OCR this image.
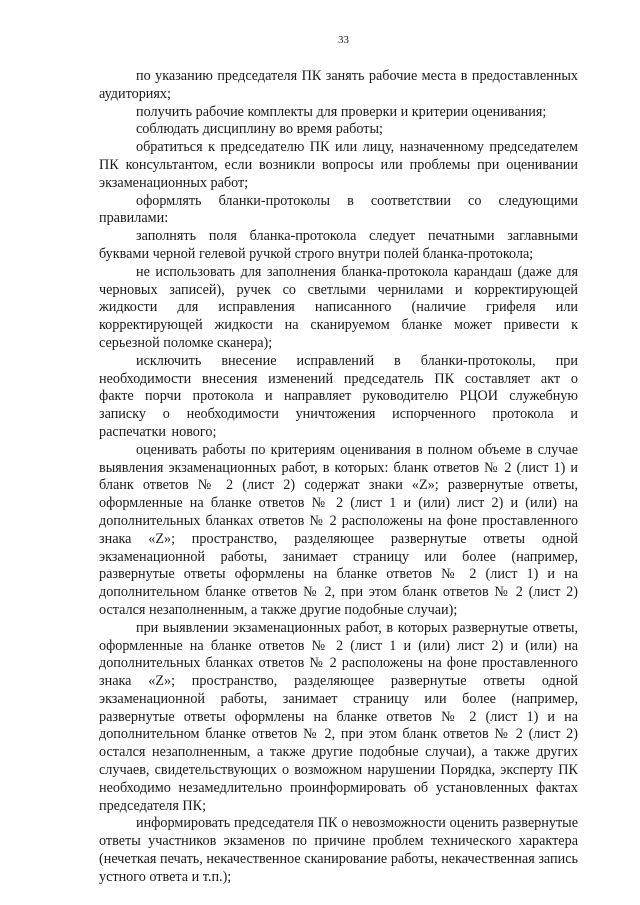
33

по указанию председателя ПК занять рабочие места в предоставленных аудиториях;

получить рабочие комплекты для проверки и критерии оценивания;

соблюдать дисциплину во время работы;

обратиться к председателю ПК или лицу, назначенному председателем ПК консультантом, если возникли вопросы или проблемы при оценивании экзаменационных работ;

оформлять бланки-протоколы в соответствии со следующими правилами:

заполнять поля бланка-протокола следует печатными заглавными буквами черной гелевой ручкой строго внутри полей бланка-протокола;

не использовать для заполнения бланка-протокола карандаш (даже для черновых записей), ручек со светлыми чернилами и корректирующей жидкости для исправления написанного (наличие грифеля или корректирующей жидкости на сканируемом бланке может привести к серьезной поломке сканера);

исключить внесение исправлений в бланки-протоколы, при необходимости внесения изменений председатель ПК составляет акт о факте порчи протокола и направляет руководителю РЦОИ служебную записку о необходимости уничтожения испорченного протокола и распечатки нового;

оценивать работы по критериям оценивания в полном объеме в случае выявления экзаменационных работ, в которых: бланк ответов № 2 (лист 1) и бланк ответов № 2 (лист 2) содержат знаки «Z»; развернутые ответы, оформленные на бланке ответов № 2 (лист 1 и (или) лист 2) и (или) на дополнительных бланках ответов № 2 расположены на фоне проставленного знака «Z»; пространство, разделяющее развернутые ответы одной экзаменационной работы, занимает страницу или более (например, развернутые ответы оформлены на бланке ответов № 2 (лист 1) и на дополнительном бланке ответов № 2, при этом бланк ответов № 2 (лист 2) остался незаполненным, а также другие подобные случаи);

при выявлении экзаменационных работ, в которых развернутые ответы, оформленные на бланке ответов № 2 (лист 1 и (или) лист 2) и (или) на дополнительных бланках ответов № 2 расположены на фоне проставленного знака «Z»; пространство, разделяющее развернутые ответы одной экзаменационной работы, занимает страницу или более (например, развернутые ответы оформлены на бланке ответов № 2 (лист 1) и на дополнительном бланке ответов № 2, при этом бланк ответов № 2 (лист 2) остался незаполненным, а также другие подобные случаи), а также других случаев, свидетельствующих о возможном нарушении Порядка, эксперту ПК необходимо незамедлительно проинформировать об установленных фактах председателя ПК;

информировать председателя ПК о невозможности оценить развернутые ответы участников экзаменов по причине проблем технического характера (нечеткая печать, некачественное сканирование работы, некачественная запись устного ответа и т.п.);
